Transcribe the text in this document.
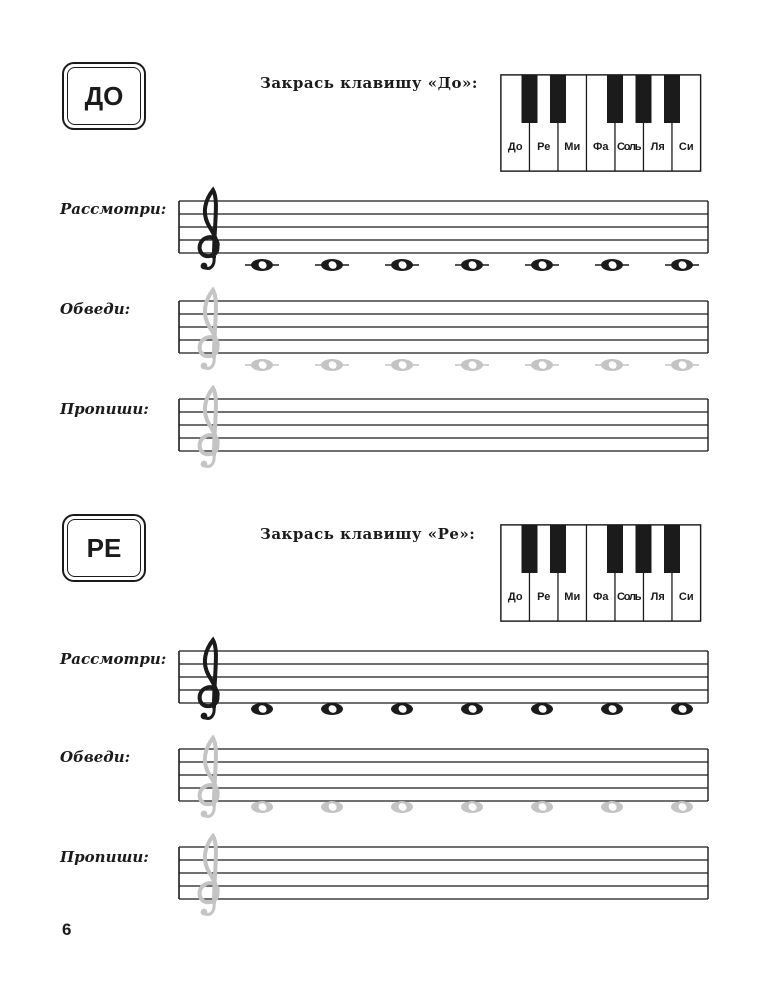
ДО	Закрась клавишу «До»:
До Ре Ми Фа Соль Ля Си
Рассмотри:
Обведи:
Пропиши:
РЕ	Закрась клавишу «Ре»:
До Ре Ми Фа Соль Ля Си
Рассмотри:
Обведи:
Пропиши:
6
